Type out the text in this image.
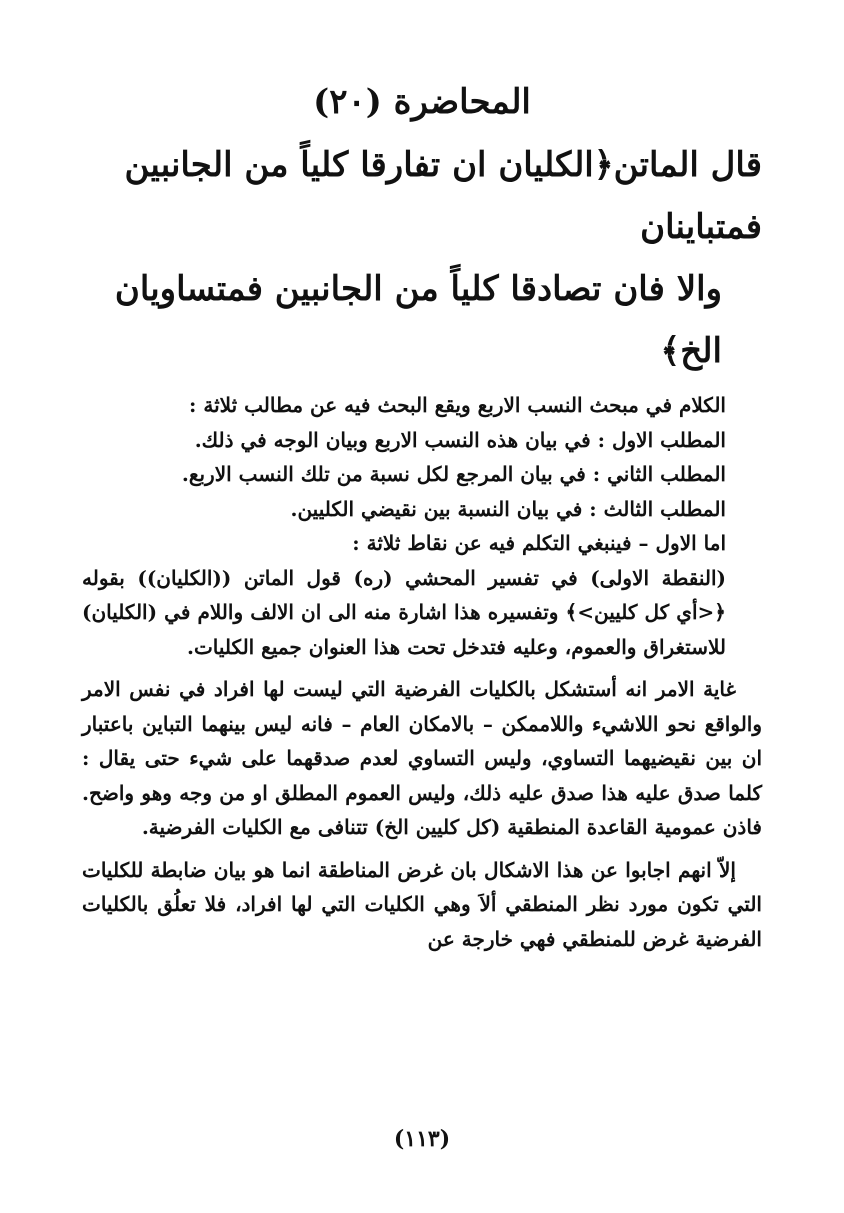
المحاضرة (٢٠)
قال الماتن﴿الكليان ان تفارقا كلياً من الجانبين فمتباينان
والا فان تصادقا كلياً من الجانبين فمتساويان الخ﴾
الكلام في مبحث النسب الاربع ويقع البحث فيه عن مطالب ثلاثة :
المطلب الاول : في بيان هذه النسب الاربع وبيان الوجه في ذلك.
المطلب الثاني : في بيان المرجع لكل نسبة من تلك النسب الاربع.
المطلب الثالث : في بيان النسبة بين نقيضي الكليين.
اما الاول – فينبغي التكلم فيه عن نقاط ثلاثة :

(النقطة الاولى) في تفسير المحشي (ره) قول الماتن ((الكليان)) بقوله ﴿<أي كل كليين>﴾ وتفسيره هذا اشارة منه الى ان الالف واللام في (الكليان) للاستغراق والعموم، وعليه فتدخل تحت هذا العنوان جميع الكليات.

غاية الامر انه أستشكل بالكليات الفرضية التي ليست لها افراد في نفس الامر والواقع نحو اللاشيء واللاممكن – بالامكان العام – فانه ليس بينهما التباين باعتبار ان بين نقيضيهما التساوي، وليس التساوي لعدم صدقهما على شيء حتى يقال : كلما صدق عليه هذا صدق عليه ذلك، وليس العموم المطلق او من وجه وهو واضح. فاذن عمومية القاعدة المنطقية (كل كليين الخ) تتنافى مع الكليات الفرضية.

إلاّ انهم اجابوا عن هذا الاشكال بان غرض المناطقة انما هو بيان ضابطة للكليات التي تكون مورد نظر المنطقي ألاَ وهي الكليات التي لها افراد، فلا تعلُق بالكليات الفرضية غرض للمنطقي فهي خارجة عن

(١١٣)
